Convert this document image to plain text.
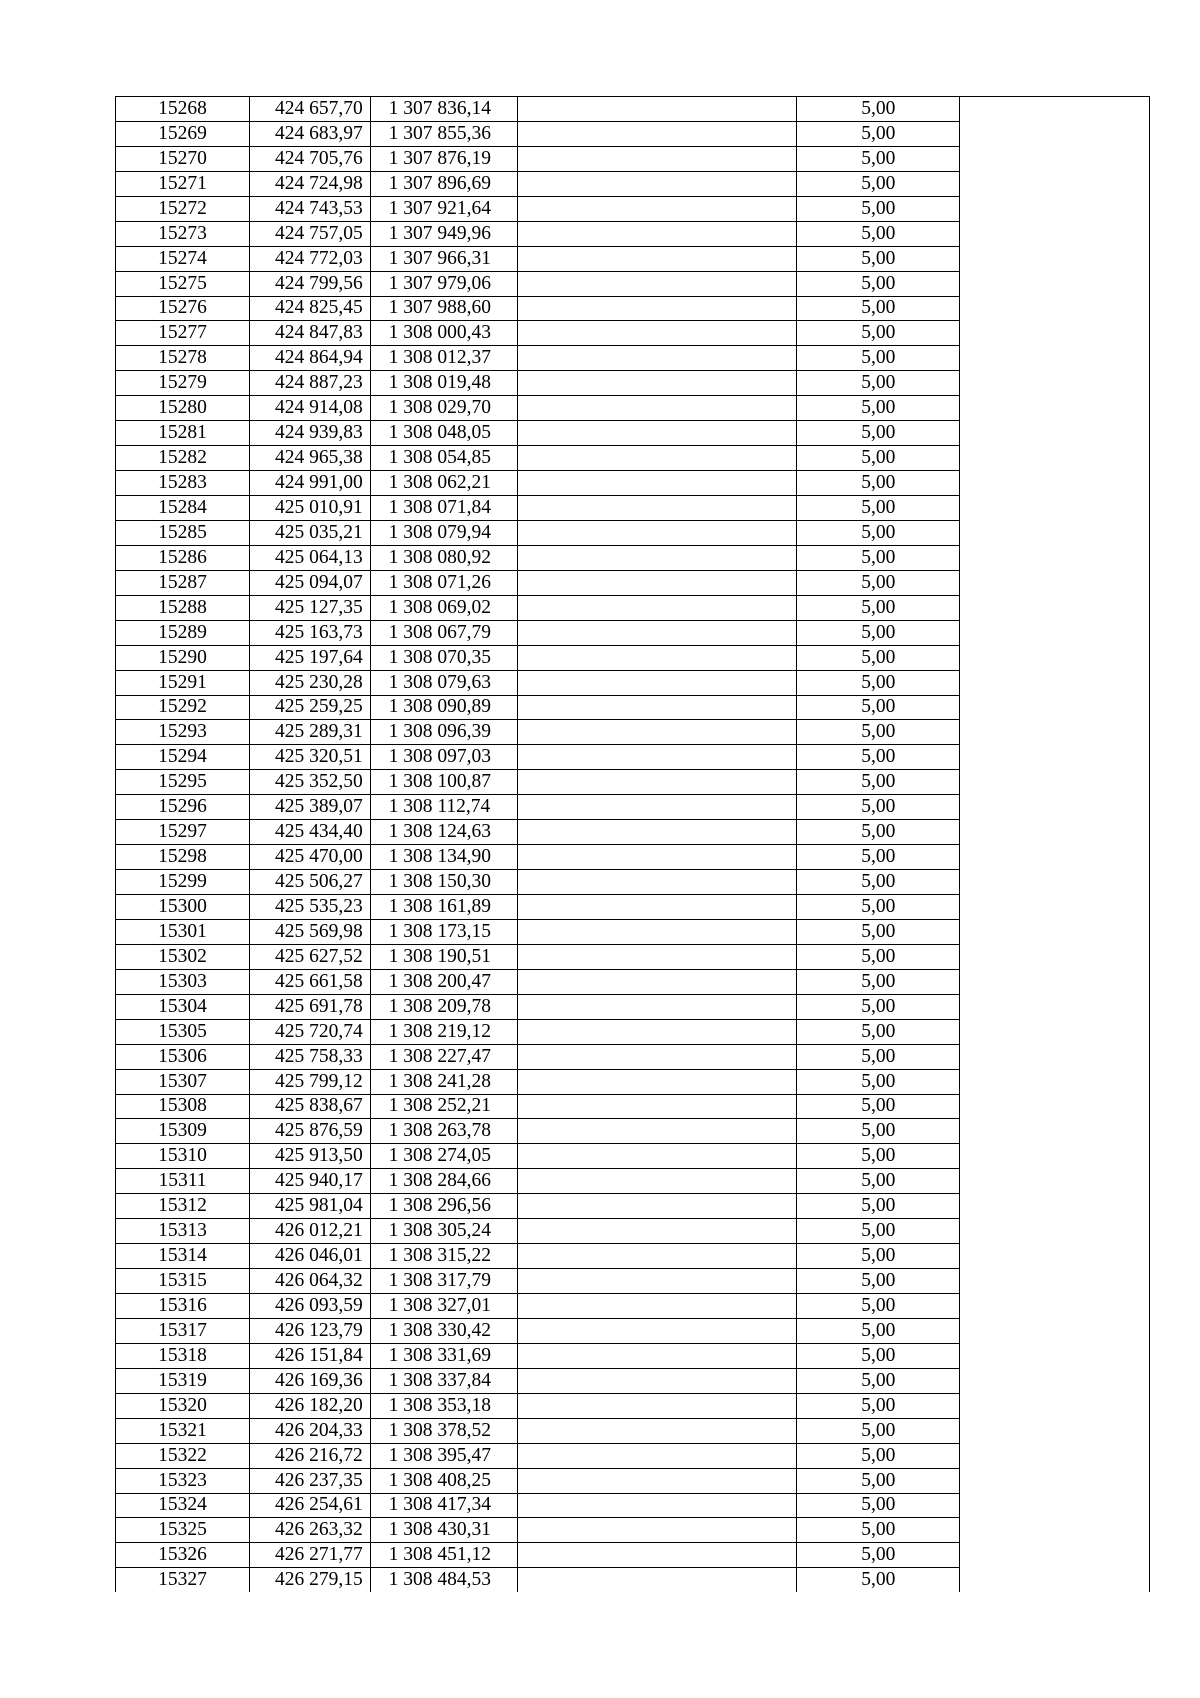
15268	424 657,70	1 307 836,14		5,00	
15269	424 683,97	1 307 855,36		5,00	
15270	424 705,76	1 307 876,19		5,00	
15271	424 724,98	1 307 896,69		5,00	
15272	424 743,53	1 307 921,64		5,00	
15273	424 757,05	1 307 949,96		5,00	
15274	424 772,03	1 307 966,31		5,00	
15275	424 799,56	1 307 979,06		5,00	
15276	424 825,45	1 307 988,60		5,00	
15277	424 847,83	1 308 000,43		5,00	
15278	424 864,94	1 308 012,37		5,00	
15279	424 887,23	1 308 019,48		5,00	
15280	424 914,08	1 308 029,70		5,00	
15281	424 939,83	1 308 048,05		5,00	
15282	424 965,38	1 308 054,85		5,00	
15283	424 991,00	1 308 062,21		5,00	
15284	425 010,91	1 308 071,84		5,00	
15285	425 035,21	1 308 079,94		5,00	
15286	425 064,13	1 308 080,92		5,00	
15287	425 094,07	1 308 071,26		5,00	
15288	425 127,35	1 308 069,02		5,00	
15289	425 163,73	1 308 067,79		5,00	
15290	425 197,64	1 308 070,35		5,00	
15291	425 230,28	1 308 079,63		5,00	
15292	425 259,25	1 308 090,89		5,00	
15293	425 289,31	1 308 096,39		5,00	
15294	425 320,51	1 308 097,03		5,00	
15295	425 352,50	1 308 100,87		5,00	
15296	425 389,07	1 308 112,74		5,00	
15297	425 434,40	1 308 124,63		5,00	
15298	425 470,00	1 308 134,90		5,00	
15299	425 506,27	1 308 150,30		5,00	
15300	425 535,23	1 308 161,89		5,00	
15301	425 569,98	1 308 173,15		5,00	
15302	425 627,52	1 308 190,51		5,00	
15303	425 661,58	1 308 200,47		5,00	
15304	425 691,78	1 308 209,78		5,00	
15305	425 720,74	1 308 219,12		5,00	
15306	425 758,33	1 308 227,47		5,00	
15307	425 799,12	1 308 241,28		5,00	
15308	425 838,67	1 308 252,21		5,00	
15309	425 876,59	1 308 263,78		5,00	
15310	425 913,50	1 308 274,05		5,00	
15311	425 940,17	1 308 284,66		5,00	
15312	425 981,04	1 308 296,56		5,00	
15313	426 012,21	1 308 305,24		5,00	
15314	426 046,01	1 308 315,22		5,00	
15315	426 064,32	1 308 317,79		5,00	
15316	426 093,59	1 308 327,01		5,00	
15317	426 123,79	1 308 330,42		5,00	
15318	426 151,84	1 308 331,69		5,00	
15319	426 169,36	1 308 337,84		5,00	
15320	426 182,20	1 308 353,18		5,00	
15321	426 204,33	1 308 378,52		5,00	
15322	426 216,72	1 308 395,47		5,00	
15323	426 237,35	1 308 408,25		5,00	
15324	426 254,61	1 308 417,34		5,00	
15325	426 263,32	1 308 430,31		5,00	
15326	426 271,77	1 308 451,12		5,00	
15327	426 279,15	1 308 484,53		5,00	
